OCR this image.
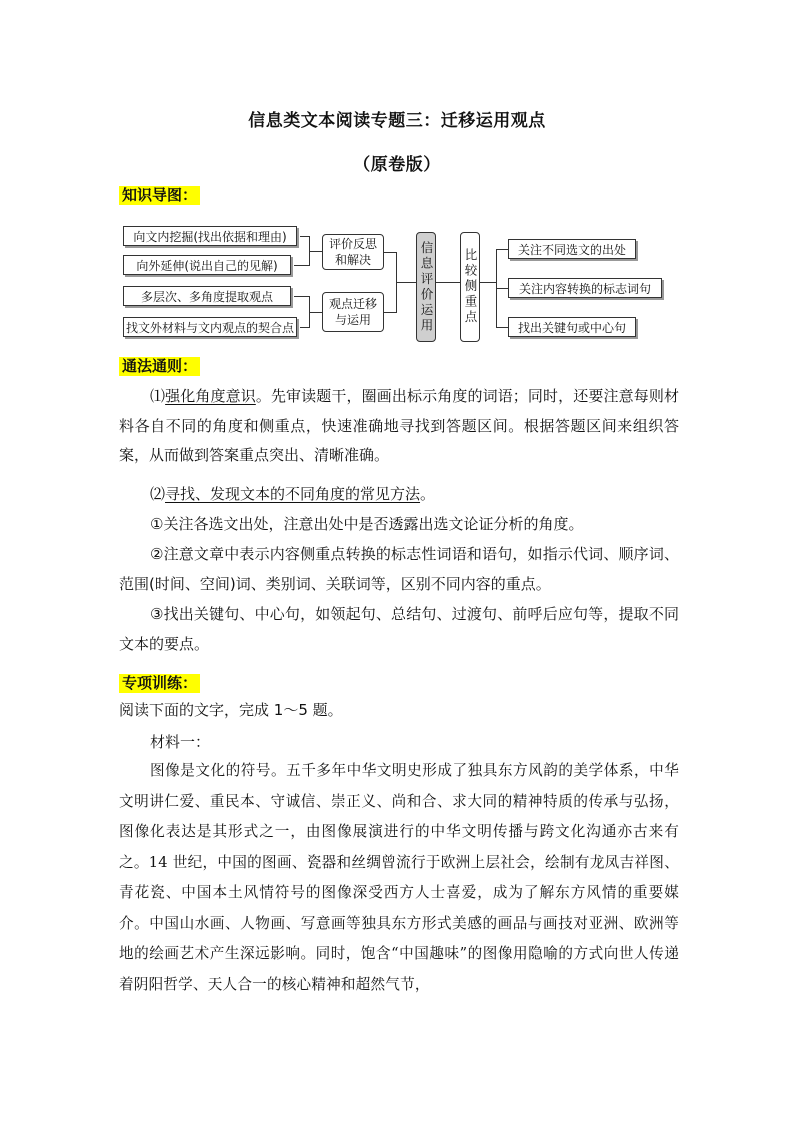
信息类文本阅读专题三：迁移运用观点
（原卷版）
知识导图：
向文内挖掘(找出依据和理由)
向外延伸(说出自己的见解)
多层次、多角度提取观点
找文外材料与文内观点的契合点
评价反思
和解决
观点迁移
与运用	信息评价运用 比较侧重点	关注不同选文的出处
关注内容转换的标志词句
找出关键句或中心句
通法通则：
⑴强化角度意识。先审读题干，圈画出标示角度的词语；同时，还要注意每则材料各自不同的角度和侧重点，快速准确地寻找到答题区间。根据答题区间来组织答案，从而做到答案重点突出、清晰准确。
⑵寻找、发现文本的不同角度的常见方法。
①关注各选文出处，注意出处中是否透露出选文论证分析的角度。
②注意文章中表示内容侧重点转换的标志性词语和语句，如指示代词、顺序词、范围(时间、空间)词、类别词、关联词等，区别不同内容的重点。
③找出关键句、中心句，如领起句、总结句、过渡句、前呼后应句等，提取不同文本的要点。
专项训练：
阅读下面的文字，完成 1～5 题。
材料一：
图像是文化的符号。五千多年中华文明史形成了独具东方风韵的美学体系，中华文明讲仁爱、重民本、守诚信、崇正义、尚和合、求大同的精神特质的传承与弘扬，图像化表达是其形式之一，由图像展演进行的中华文明传播与跨文化沟通亦古来有之。14 世纪，中国的图画、瓷器和丝绸曾流行于欧洲上层社会，绘制有龙凤吉祥图、青花瓷、中国本土风情符号的图像深受西方人士喜爱，成为了解东方风情的重要媒介。中国山水画、人物画、写意画等独具东方形式美感的画品与画技对亚洲、欧洲等地的绘画艺术产生深远影响。同时，饱含“中国趣味”的图像用隐喻的方式向世人传递着阴阳哲学、天人合一的核心精神和超然气节，
